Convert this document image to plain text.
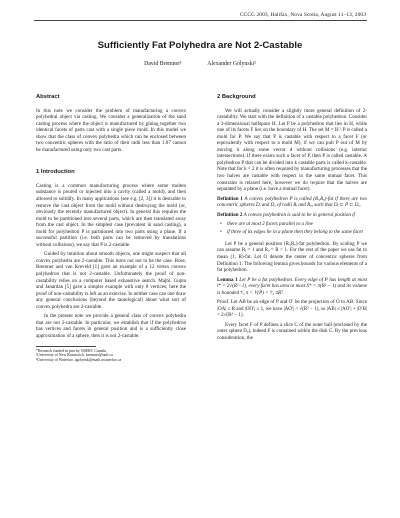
CCCG 2003, Halifax, Nova Scotia, August 11–13, 2003
Sufficiently Fat Polyhedra are Not 2-Castable
David Bremner¹	Alexander Golynski²
Abstract

In this note we consider the problem of manufacturing a convex polyhedral object via casting. We consider a generalization of the sand casting process where the object is manufactured by gluing together two identical facets of parts cast with a single piece mold. In this model we show that the class of convex polyhedra which can be enclosed between two concentric spheres with the ratio of their radii less than 1.07 cannot be manufactured using only two cast parts.

1 Introduction

Casting is a common manufacturing process where some molten substance is poured or injected into a cavity (called a mold), and then allowed to solidify. In many applications (see e.g. [2, 3]) it is desirable to remove the cast object from the mold without destroying the mold (or, obviously the recently manufactured object). In general this requires the mold to be partitioned into several parts, which are then translated away from the cast object. In the simplest case (prevalent in sand casting), a mold for polyhedron P is partitioned into two parts using a plane. If a successful partition (i.e. both parts can be removed by translations without collisions), we say that P is 2-castable.

Guided by intuition about smooth objects, one might suspect that all convex polyhedra are 2-castable. This turns out not to be the case. Bose, Bremner and van Kreveld [1] gave an example of a 12 vertex convex polyhedron that is not 2-castable. Unfortunately the proof of non-castability relies on a computer based exhaustive search. Majhi, Gupta and Janardan [5] gave a simpler example with only 8 vertices; here the proof of non-castability is left as an exercise. In neither case can one draw any general conclusions (beyond the tautological) about what sort of convex polyhedra are 2-castable.

In the present note we provide a general class of convex polyhedra that are not 2-castable. In particular, we establish that if the polyhedron has vertices and facets in general position and is a sufficiently close approximation of a sphere, then it is not 2-castable.

*Research funded in part by NSERC Canada
¹University of New Brunswick. bremner@unb.ca
²University of Waterloo. agolynsk@math.uwaterloo.ca
2 Background

We will actually consider a slightly more general definition of 2-castability. We start with the definition of a castable polyhedron. Consider a 3-dimensional halfspace H. Let P be a polyhedron that lies in H, while one of its facets F lies on the boundary of H. The set M = H \ P is called a mold for P. We say that P is castable with respect to a facet F (or equivalently with respect to a mold M), if we can pull P out of M by moving it along some vector d without collisions (e.g. interior intersections). If there exists such a facet of P, then P is called castable. A polyhedron P that can be divided into k castable parts is called k-castable. Note that for k = 2 it is often required by manufacturing processes that the two halves are castable with respect to the same mutual facet. This constraint is relaxed here, however we do require that the halves are separated by a plane (i.e. have a mutual facet).

Definition 1 A convex polyhedron P is called (Rᵢ,Rₒ)-fat if there are two concentric spheres Dᵢ and Dₒ of radii Rᵢ and Rₒ, such that Dᵢ ⊂ P ⊂ Dₒ.

Definition 2 A convex polyhedron is said to be in general position if

• there are at most 2 facets parallel to a line
• if three of its edges lie in a plane then they belong to the same facet

Let P be a general position (Rᵢ,Rₒ)-fat polyhedron. By scaling P we can assume Rᵢ = 1 and Rₒ = R > 1. For the rest of the paper we use fat to mean (1, R)-fat. Let O denote the center of concentric spheres from Definition 1. The following lemma gives bounds for various elements of a fat polyhedron.

Lemma 1 Let P be a fat polyhedron. Every edge of P has length at most l* = 2√(R²−1), every facet has area at most S* = π(R² − 1) and its volume is bounded ⁴⁄₃ π < V(P) < ⁴⁄₃ πR³.

Proof. Let AB be an edge of P and O′ be the projection of O to AB. Since |OA| ≤ R and |OO′| ≥ 1, we have |AO′| < √(R² − 1), so |AB| ≤ |AO′| + |O′B| < 2√(R² − 1).

Every facet F of P defines a slice C of the outer ball (enclosed by the outer sphere Dₒ), indeed F is contained within the disk C. By the previous consideration, the
